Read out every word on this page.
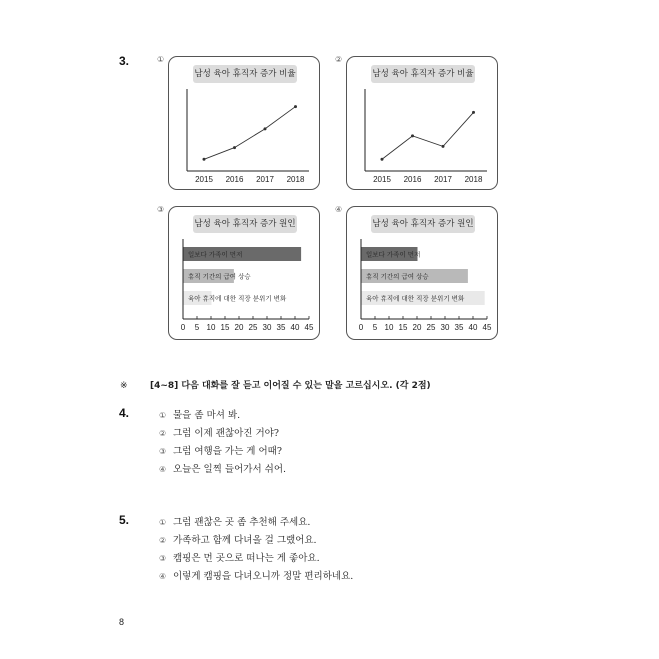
3.	①
남성 육아 휴직자 증가 비율
2015 2016 2017 2018
②
남성 육아 휴직자 증가 비율
2015 2016 2017 2018
③
남성 육아 휴직자 증가 원인
일보다 가족이 먼저
휴직 기간의 급여 상승
육아 휴직에 대한 직장 분위기 변화
0 5 10 15 20 25 30 35 40 45
④
남성 육아 휴직자 증가 원인
일보다 가족이 먼저
휴직 기간의 급여 상승
육아 휴직에 대한 직장 분위기 변화
0 5 10 15 20 25 30 35 40 45
※ [4~8] 다음 대화를 잘 듣고 이어질 수 있는 말을 고르십시오. (각 2점)
4.	① 물을 좀 마셔 봐.
② 그럼 이제 괜찮아진 거야?
③ 그럼 여행을 가는 게 어때?
④ 오늘은 일찍 들어가서 쉬어.
5.	① 그럼 괜찮은 곳 좀 추천해 주세요.
② 가족하고 함께 다녀올 걸 그랬어요.
③ 캠핑은 먼 곳으로 떠나는 게 좋아요.
④ 이렇게 캠핑을 다녀오니까 정말 편리하네요.
8
